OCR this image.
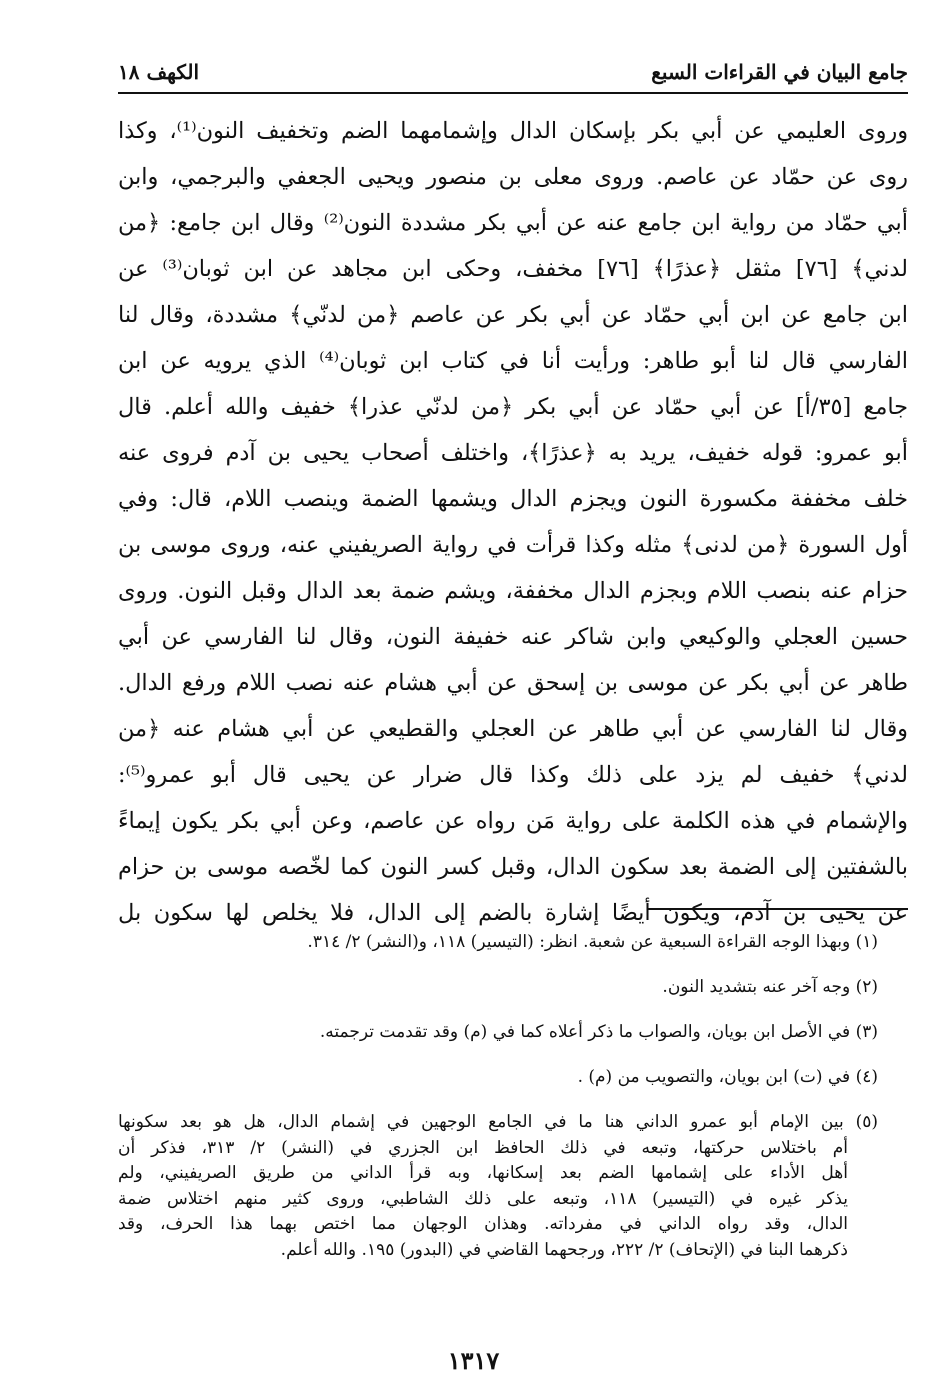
جامع البيان في القراءات السبع
الكهف ١٨
وروى العليمي عن أبي بكر بإسكان الدال وإشمامهما الضم وتخفيف النون⁽¹⁾، وكذا
روى عن حمّاد عن عاصم. وروى معلى بن منصور ويحيى الجعفي والبرجمي، وابن
أبي حمّاد من رواية ابن جامع عنه عن أبي بكر مشددة النون⁽²⁾ وقال ابن جامع: ﴿من
لدني﴾ [٧٦] مثقل ﴿عذرًا﴾ [٧٦] مخفف، وحكى ابن مجاهد عن ابن ثوبان⁽³⁾ عن
ابن جامع عن ابن أبي حمّاد عن أبي بكر عن عاصم ﴿من لدنّي﴾ مشددة، وقال لنا
الفارسي قال لنا أبو طاهر: ورأيت أنا في كتاب ابن ثوبان⁽⁴⁾ الذي يرويه عن ابن
جامع [٣٥/أ] عن أبي حمّاد عن أبي بكر ﴿من لدنّي عذرا﴾ خفيف والله أعلم. قال
أبو عمرو: قوله خفيف، يريد به ﴿عذرًا﴾، واختلف أصحاب يحيى بن آدم فروى عنه
خلف مخففة مكسورة النون ويجزم الدال ويشمها الضمة وينصب اللام، قال: وفي
أول السورة ﴿من لدنى﴾ مثله وكذا قرأت في رواية الصريفيني عنه، وروى موسى بن
حزام عنه بنصب اللام وبجزم الدال مخففة، ويشم ضمة بعد الدال وقبل النون. وروى
حسين العجلي والوكيعي وابن شاكر عنه خفيفة النون، وقال لنا الفارسي عن أبي
طاهر عن أبي بكر عن موسى بن إسحق عن أبي هشام عنه نصب اللام ورفع الدال.
وقال لنا الفارسي عن أبي طاهر عن العجلي والقطيعي عن أبي هشام عنه ﴿من
لدني﴾ خفيف لم يزد على ذلك وكذا قال ضرار عن يحيى قال أبو عمرو⁽⁵⁾:
والإشمام في هذه الكلمة على رواية مَن رواه عن عاصم، وعن أبي بكر يكون إيماءً
بالشفتين إلى الضمة بعد سكون الدال، وقبل كسر النون كما لخّصه موسى بن حزام
عن يحيى بن آدم، ويكون أيضًا إشارة بالضم إلى الدال، فلا يخلص لها سكون بل
(١) وبهذا الوجه القراءة السبعية عن شعبة. انظر: (التيسير) ١١٨، و(النشر) ٢/ ٣١٤.
(٢) وجه آخر عنه بتشديد النون.
(٣) في الأصل ابن بويان، والصواب ما ذكر أعلاه كما في (م) وقد تقدمت ترجمته.
(٤) في (ت) ابن بويان، والتصويب من (م) .
(٥) بين الإمام أبو عمرو الداني هنا ما في الجامع الوجهين في إشمام الدال، هل هو بعد سكونها
أم باختلاس حركتها، وتبعه في ذلك الحافظ ابن الجزري في (النشر) ٢/ ٣١٣، فذكر أن
أهل الأداء على إشمامها الضم بعد إسكانها، وبه قرأ الداني من طريق الصريفيني، ولم
يذكر غيره في (التيسير) ١١٨، وتبعه على ذلك الشاطبي، وروى كثير منهم اختلاس ضمة
الدال، وقد رواه الداني في مفرداته. وهذان الوجهان مما اختص بهما هذا الحرف، وقد
ذكرهما البنا في (الإتحاف) ٢/ ٢٢٢، ورجحهما القاضي في (البدور) ١٩٥. والله أعلم.
١٣١٧
